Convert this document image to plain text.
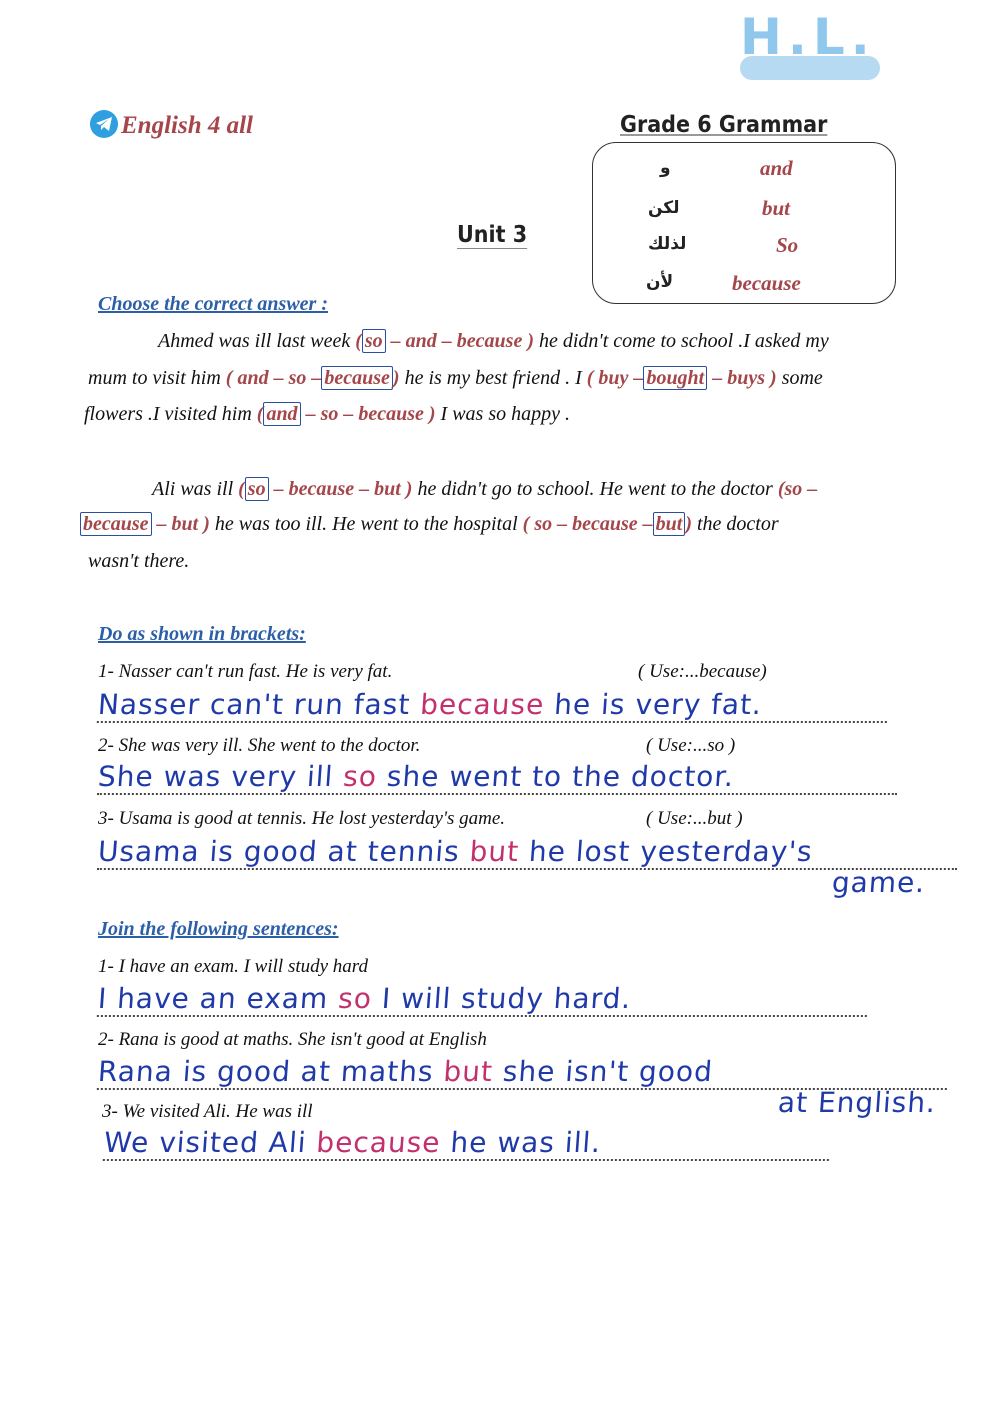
H.L.
English 4 all	Grade 6 Grammar
Unit 3
و	and
لكن	but
لذلك	So
لأن	because
Choose the correct answer :
Ahmed was ill last week ( so – and – because ) he didn't come to school .I asked my
mum to visit him ( and – so – because ) he is my best friend . I ( buy – bought – buys ) some
flowers .I visited him ( and – so – because ) I was so happy .
Ali was ill ( so – because – but ) he didn't go to school. He went to the doctor (so –
because – but ) he was too ill. He went to the hospital ( so – because – but ) the doctor
wasn't there.
Do as shown in brackets:
1- Nasser can't run fast. He is very fat.	( Use:...because)
Nasser can't run fast because he is very fat.
2- She was very ill. She went to the doctor.	( Use:...so )
She was very ill so she went to the doctor.
3- Usama is good at tennis. He lost yesterday's game.	( Use:...but )
Usama is good at tennis but he lost yesterday's
game.
Join the following sentences:
1- I have an exam. I will study hard
I have an exam so I will study hard.
2- Rana is good at maths. She isn't good at English
Rana is good at maths but she isn't good
at English.
3- We visited Ali. He was ill
We visited Ali because he was ill.
